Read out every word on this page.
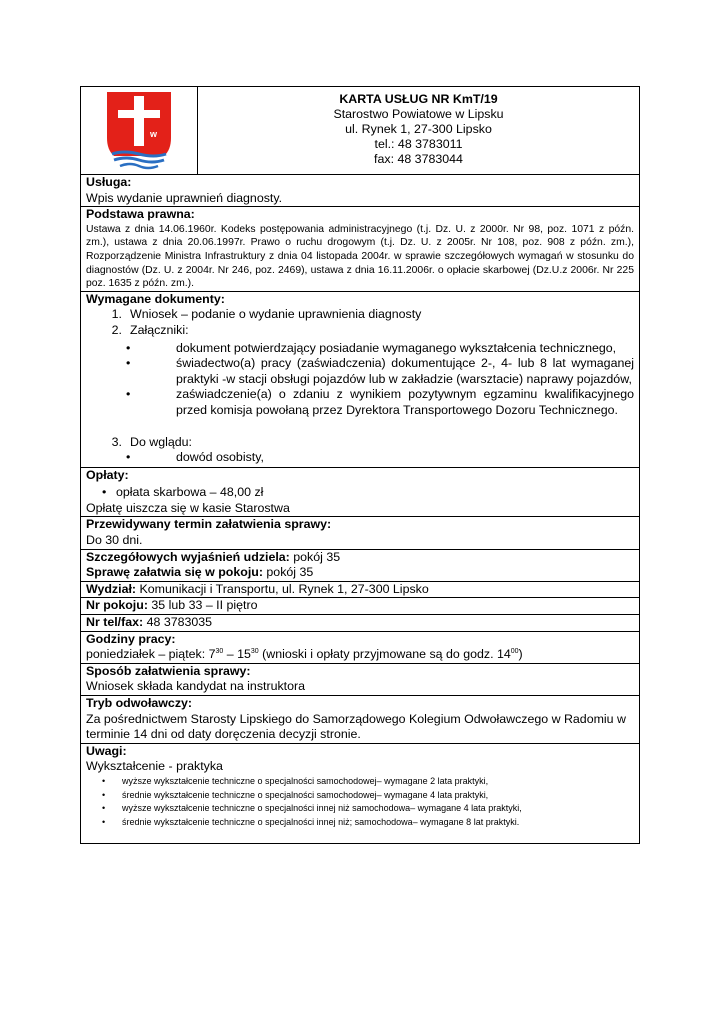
w
KARTA USŁUG NR KmT/19
Starostwo Powiatowe w Lipsku
ul. Rynek 1, 27-300 Lipsko
tel.: 48 3783011
fax: 48 3783044
Usługa:
Wpis wydanie uprawnień diagnosty.
Podstawa prawna:
Ustawa z dnia 14.06.1960r. Kodeks postępowania administracyjnego (t.j. Dz. U. z 2000r. Nr 98, poz. 1071 z późn. zm.), ustawa z dnia 20.06.1997r. Prawo o ruchu drogowym (t.j. Dz. U. z 2005r. Nr 108, poz. 908 z późn. zm.), Rozporządzenie Ministra Infrastruktury z dnia 04 listopada 2004r. w sprawie szczegółowych wymagań w stosunku do diagnostów (Dz. U. z 2004r. Nr 246, poz. 2469), ustawa z dnia 16.11.2006r. o opłacie skarbowej (Dz.U.z 2006r. Nr 225 poz. 1635 z późn. zm.).
Wymagane dokumenty:
1. Wniosek – podanie o wydanie uprawnienia diagnosty
2. Załączniki:
•	dokument potwierdzający posiadanie wymaganego wykształcenia technicznego,
•	świadectwo(a) pracy (zaświadczenia) dokumentujące 2-, 4- lub 8 lat wymaganej praktyki -w stacji obsługi pojazdów lub w zakładzie (warsztacie) naprawy pojazdów,
•	zaświadczenie(a) o zdaniu z wynikiem pozytywnym egzaminu kwalifikacyjnego przed komisja powołaną przez Dyrektora Transportowego Dozoru Technicznego.
3. Do wglądu:
•	dowód osobisty,
Opłaty:
• opłata skarbowa – 48,00 zł
Opłatę uiszcza się w kasie Starostwa
Przewidywany termin załatwienia sprawy:
Do 30 dni.
Szczegółowych wyjaśnień udziela: pokój 35
Sprawę załatwia się w pokoju: pokój 35
Wydział: Komunikacji i Transportu, ul. Rynek 1, 27-300 Lipsko
Nr pokoju: 35 lub 33 – II piętro
Nr tel/fax: 48 3783035
Godziny pracy:
poniedziałek – piątek: $7^{30} - 15^{30}$ (wnioski i opłaty przyjmowane są do godz. $14^{00}$)
Sposób załatwienia sprawy:
Wniosek składa kandydat na instruktora
Tryb odwoławczy:
Za pośrednictwem Starosty Lipskiego do Samorządowego Kolegium Odwoławczego w Radomiu w terminie 14 dni od daty doręczenia decyzji stronie.
Uwagi:
Wykształcenie - praktyka
•	wyższe wykształcenie techniczne o specjalności samochodowej– wymagane 2 lata praktyki,
•	średnie wykształcenie techniczne o specjalności samochodowej– wymagane 4 lata praktyki,
•	wyższe wykształcenie techniczne o specjalności innej niż samochodowa– wymagane 4 lata praktyki,
•	średnie wykształcenie techniczne o specjalności innej niż; samochodowa– wymagane 8 lat praktyki.
